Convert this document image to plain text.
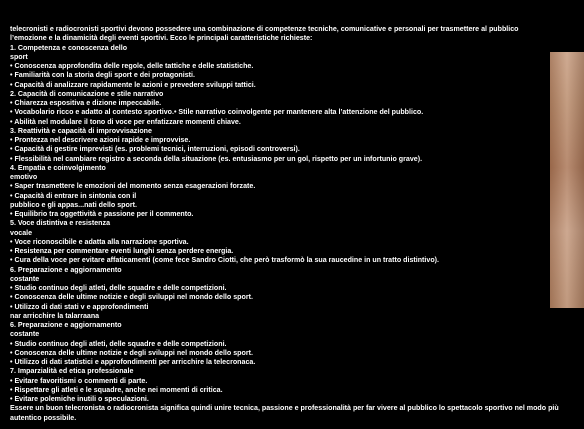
telecronisti e radiocronisti sportivi devono possedere una combinazione di competenze tecniche, comunicative e personali per trasmettere al pubblico
l’emozione e la dinamicità degli eventi sportivi. Ecco le principali caratteristiche richieste:
1. Competenza e conoscenza dello
sport
• Conoscenza approfondita delle regole, delle tattiche e delle statistiche.
• Familiarità con la storia degli sport e dei protagonisti.
• Capacità di analizzare rapidamente le azioni e prevedere sviluppi tattici.
2. Capacità di comunicazione e stile narrativo
• Chiarezza espositiva e dizione impeccabile.
• Vocabolario ricco e adatto al contesto sportivo.• Stile narrativo coinvolgente per mantenere alta l’attenzione del pubblico.
• Abilità nel modulare il tono di voce per enfatizzare momenti chiave.
3. Reattività e capacità di improvvisazione
• Prontezza nel descrivere azioni rapide e improvvise.
• Capacità di gestire imprevisti (es. problemi tecnici, interruzioni, episodi controversi).
• Flessibilità nel cambiare registro a seconda della situazione (es. entusiasmo per un gol, rispetto per un infortunio grave).
4. Empatia e coinvolgimento
emotivo
• Saper trasmettere le emozioni del momento senza esagerazioni forzate.
• Capacità di entrare in sintonia con il
pubblico e gli appas...nati dello sport.
• Equilibrio tra oggettività e passione per il commento.
5. Voce distintiva e resistenza
vocale
• Voce riconoscibile e adatta alla narrazione sportiva.
• Resistenza per commentare eventi lunghi senza perdere energia.
• Cura della voce per evitare affaticamenti (come fece Sandro Ciotti, che però trasformò la sua raucedine in un tratto distintivo).
6. Preparazione e aggiornamento
costante
• Studio continuo degli atleti, delle squadre e delle competizioni.
• Conoscenza delle ultime notizie e degli sviluppi nel mondo dello sport.
• Utilizzo di dati stati v e approfondimenti
nar arricchire la talarraana
6. Preparazione e aggiornamento
costante
• Studio continuo degli atleti, delle squadre e delle competizioni.
• Conoscenza delle ultime notizie e degli sviluppi nel mondo dello sport.
• Utilizzo di dati statistici e approfondimenti per arricchire la telecronaca.
7. Imparzialità ed etica professionale
• Evitare favoritismi o commenti di parte.
• Rispettare gli atleti e le squadre, anche nei momenti di critica.
• Evitare polemiche inutili o speculazioni.
Essere un buon telecronista o radiocronista significa quindi unire tecnica, passione e professionalità per far vivere al pubblico lo spettacolo sportivo nel modo più autentico possibile.
